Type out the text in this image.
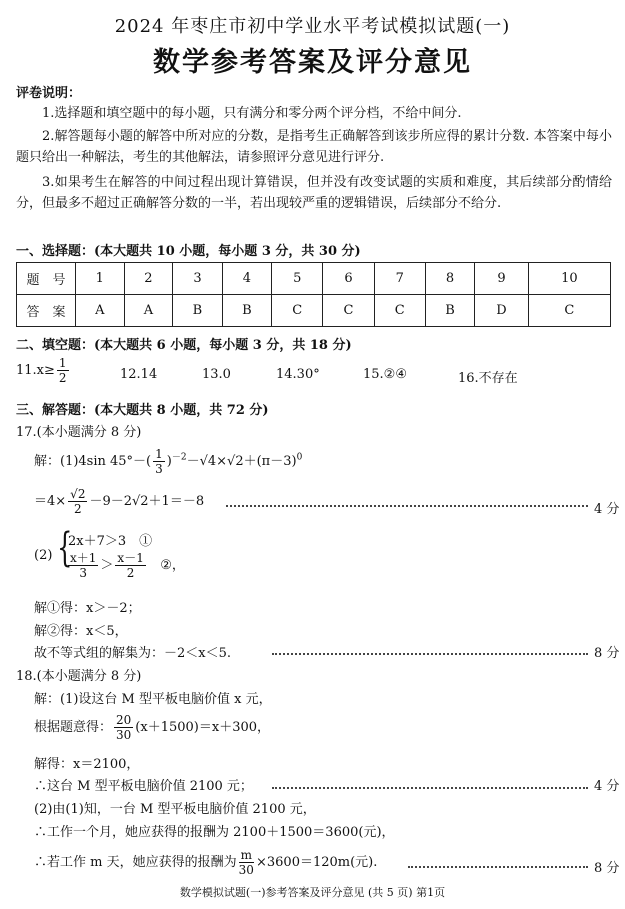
2024 年枣庄市初中学业水平考试模拟试题(一)
数学参考答案及评分意见
评卷说明：
1.选择题和填空题中的每小题，只有满分和零分两个评分档，不给中间分.
2.解答题每小题的解答中所对应的分数，是指考生正确解答到该步所应得的累计分数. 本答案中每小题只给出一种解法，考生的其他解法，请参照评分意见进行评分.
3.如果考生在解答的中间过程出现计算错误，但并没有改变试题的实质和难度，其后续部分酌情给分，但最多不超过正确解答分数的一半，若出现较严重的逻辑错误，后续部分不给分.
一、选择题：(本大题共 10 小题，每小题 3 分，共 30 分)
题　号	1	2	3	4	5	6	7	8	9	10
答　案	A	A	B	B	C	C	C	B	D	C
二、填空题：(本大题共 6 小题，每小题 3 分，共 18 分)
$11.x\ge \frac{1}{2}$	12.14	13.0	14.30°	15.②④	16.不存在
三、解答题：(本大题共 8 小题，共 72 分)
17.(本小题满分 8 分)
解：(1)4sin $45^\circ-( \frac{1}{3} )^{-2}-√4\times√2+(\pi-3)^0$
$=4\times \frac{√2}{2} -9-2√2+1=-8$
4 分
(2) {
2x＋7＞3　①
$\frac{x+1}{3} > \frac{x-1}{2}$ ②，
解①得：x＞－2；
解②得：x＜5，
故不等式组的解集为：－2＜x＜5.	8 分
18.(本小题满分 8 分)
解：(1)设这台 M 型平板电脑价值 x 元，
根据题意得： $\frac{20}{30} (x+1500)=x+300$，
解得：x＝2100，
∴这台 M 型平板电脑价值 2100 元；	4 分
(2)由(1)知，一台 M 型平板电脑价值 2100 元，
∴工作一个月，她应获得的报酬为 2100＋1500＝3600(元)，
∴若工作 m 天，她应获得的报酬为 $\frac{m}{30} \times 3600=120m$(元).	8 分
数学模拟试题(一)参考答案及评分意见 (共 5 页) 第1页
